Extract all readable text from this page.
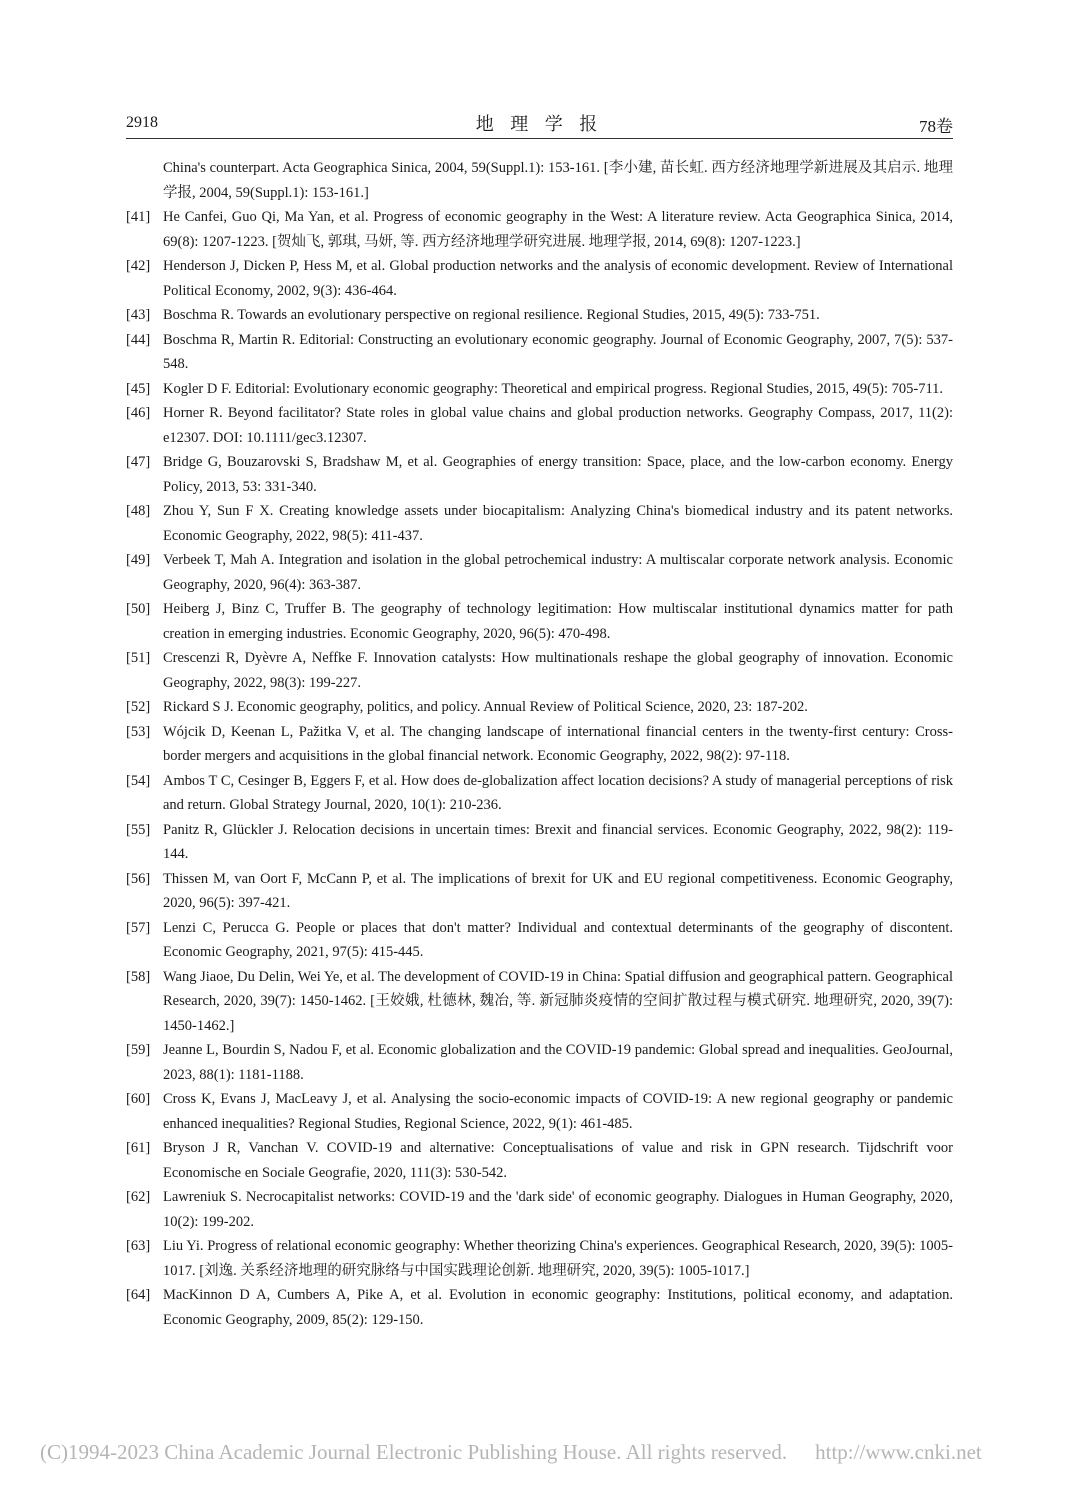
2918	地 理 学 报	78卷
China's counterpart. Acta Geographica Sinica, 2004, 59(Suppl.1): 153-161. [李小建, 苗长虹. 西方经济地理学新进展及其启示. 地理学报, 2004, 59(Suppl.1): 153-161.]
[41] He Canfei, Guo Qi, Ma Yan, et al. Progress of economic geography in the West: A literature review. Acta Geographica Sinica, 2014, 69(8): 1207-1223. [贺灿飞, 郭琪, 马妍, 等. 西方经济地理学研究进展. 地理学报, 2014, 69(8): 1207-1223.]
[42] Henderson J, Dicken P, Hess M, et al. Global production networks and the analysis of economic development. Review of International Political Economy, 2002, 9(3): 436-464.
[43] Boschma R. Towards an evolutionary perspective on regional resilience. Regional Studies, 2015, 49(5): 733-751.
[44] Boschma R, Martin R. Editorial: Constructing an evolutionary economic geography. Journal of Economic Geography, 2007, 7(5): 537-548.
[45] Kogler D F. Editorial: Evolutionary economic geography: Theoretical and empirical progress. Regional Studies, 2015, 49(5): 705-711.
[46] Horner R. Beyond facilitator? State roles in global value chains and global production networks. Geography Compass, 2017, 11(2): e12307. DOI: 10.1111/gec3.12307.
[47] Bridge G, Bouzarovski S, Bradshaw M, et al. Geographies of energy transition: Space, place, and the low-carbon economy. Energy Policy, 2013, 53: 331-340.
[48] Zhou Y, Sun F X. Creating knowledge assets under biocapitalism: Analyzing China's biomedical industry and its patent networks. Economic Geography, 2022, 98(5): 411-437.
[49] Verbeek T, Mah A. Integration and isolation in the global petrochemical industry: A multiscalar corporate network analysis. Economic Geography, 2020, 96(4): 363-387.
[50] Heiberg J, Binz C, Truffer B. The geography of technology legitimation: How multiscalar institutional dynamics matter for path creation in emerging industries. Economic Geography, 2020, 96(5): 470-498.
[51] Crescenzi R, Dyèvre A, Neffke F. Innovation catalysts: How multinationals reshape the global geography of innovation. Economic Geography, 2022, 98(3): 199-227.
[52] Rickard S J. Economic geography, politics, and policy. Annual Review of Political Science, 2020, 23: 187-202.
[53] Wójcik D, Keenan L, Pažitka V, et al. The changing landscape of international financial centers in the twenty-first century: Cross-border mergers and acquisitions in the global financial network. Economic Geography, 2022, 98(2): 97-118.
[54] Ambos T C, Cesinger B, Eggers F, et al. How does de-globalization affect location decisions? A study of managerial perceptions of risk and return. Global Strategy Journal, 2020, 10(1): 210-236.
[55] Panitz R, Glückler J. Relocation decisions in uncertain times: Brexit and financial services. Economic Geography, 2022, 98(2): 119-144.
[56] Thissen M, van Oort F, McCann P, et al. The implications of brexit for UK and EU regional competitiveness. Economic Geography, 2020, 96(5): 397-421.
[57] Lenzi C, Perucca G. People or places that don't matter? Individual and contextual determinants of the geography of discontent. Economic Geography, 2021, 97(5): 415-445.
[58] Wang Jiaoe, Du Delin, Wei Ye, et al. The development of COVID-19 in China: Spatial diffusion and geographical pattern. Geographical Research, 2020, 39(7): 1450-1462. [王姣娥, 杜德林, 魏冶, 等. 新冠肺炎疫情的空间扩散过程与模式研究. 地理研究, 2020, 39(7): 1450-1462.]
[59] Jeanne L, Bourdin S, Nadou F, et al. Economic globalization and the COVID-19 pandemic: Global spread and inequalities. GeoJournal, 2023, 88(1): 1181-1188.
[60] Cross K, Evans J, MacLeavy J, et al. Analysing the socio-economic impacts of COVID-19: A new regional geography or pandemic enhanced inequalities? Regional Studies, Regional Science, 2022, 9(1): 461-485.
[61] Bryson J R, Vanchan V. COVID-19 and alternative: Conceptualisations of value and risk in GPN research. Tijdschrift voor Economische en Sociale Geografie, 2020, 111(3): 530-542.
[62] Lawreniuk S. Necrocapitalist networks: COVID-19 and the 'dark side' of economic geography. Dialogues in Human Geography, 2020, 10(2): 199-202.
[63] Liu Yi. Progress of relational economic geography: Whether theorizing China's experiences. Geographical Research, 2020, 39(5): 1005-1017. [刘逸. 关系经济地理的研究脉络与中国实践理论创新. 地理研究, 2020, 39(5): 1005-1017.]
[64] MacKinnon D A, Cumbers A, Pike A, et al. Evolution in economic geography: Institutions, political economy, and adaptation. Economic Geography, 2009, 85(2): 129-150.
(C)1994-2023 China Academic Journal Electronic Publishing House. All rights reserved. http://www.cnki.net
